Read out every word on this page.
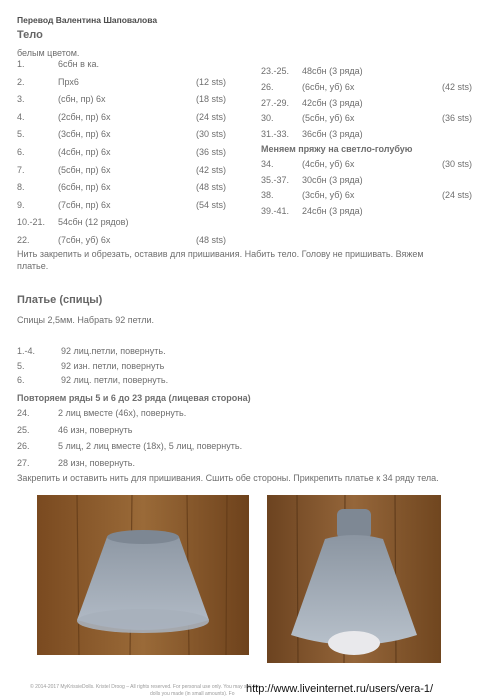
Перевод Валентина Шаповалова
Тело
белым цветом.
1.	6сбн в ка.
2.	Прх6	(12 sts)
3.	(сбн, пр) 6х	(18 sts)
4.	(2сбн, пр) 6х	(24 sts)
5.	(3сбн, пр) 6х	(30 sts)
6.	(4сбн, пр) 6х	(36 sts)
7.	(5сбн, пр) 6х	(42 sts)
8.	(6сбн, пр) 6х	(48 sts)
9.	(7сбн, пр) 6х	(54 sts)
10.-21. 54сбн (12 рядов)
22.	(7сбн, уб) 6х	(48 sts)
23.-25. 48сбн (3 ряда)
26.	(6сбн, уб) 6х	(42 sts)
27.-29. 42сбн (3 ряда)
30.	(5сбн, уб) 6х	(36 sts)
31.-33. 36сбн (3 ряда)
Меняем пряжу на светло-голубую
34.	(4сбн, уб) 6х	(30 sts)
35.-37. 30сбн (3 ряда)
38.	(3сбн, уб) 6х	(24 sts)
39.-41. 24сбн (3 ряда)
Нить закрепить и обрезать, оставив для пришивания. Набить тело. Голову не пришивать. Вяжем
платье.
Платье (спицы)
Спицы 2,5мм. Набрать 92 петли.
1.-4.	92 лиц.петли, повернуть.
5.	92 изн. петли, повернуть
6.	92 лиц. петли, повернуть.
Повторяем ряды 5 и 6 до 23 ряда (лицевая сторона)
24.	2 лиц вместе (46х), повернуть.
25.	46 изн, повернуть
26.	5 лиц, 2 лиц вместе (18х), 5 лиц, повернуть.
27.	28 изн, повернуть.
Закрепить и оставить нить для пришивания. Сшить обе стороны. Прикрепить платье к 34 ряду тела.
© 2014-2017 MyKrissieDolls. Kristel Droog – All rights reserved. For personal use only. You may sell the
dolls you made (in small amounts). Fo http://www.liveinternet.ru/users/vera-1/
